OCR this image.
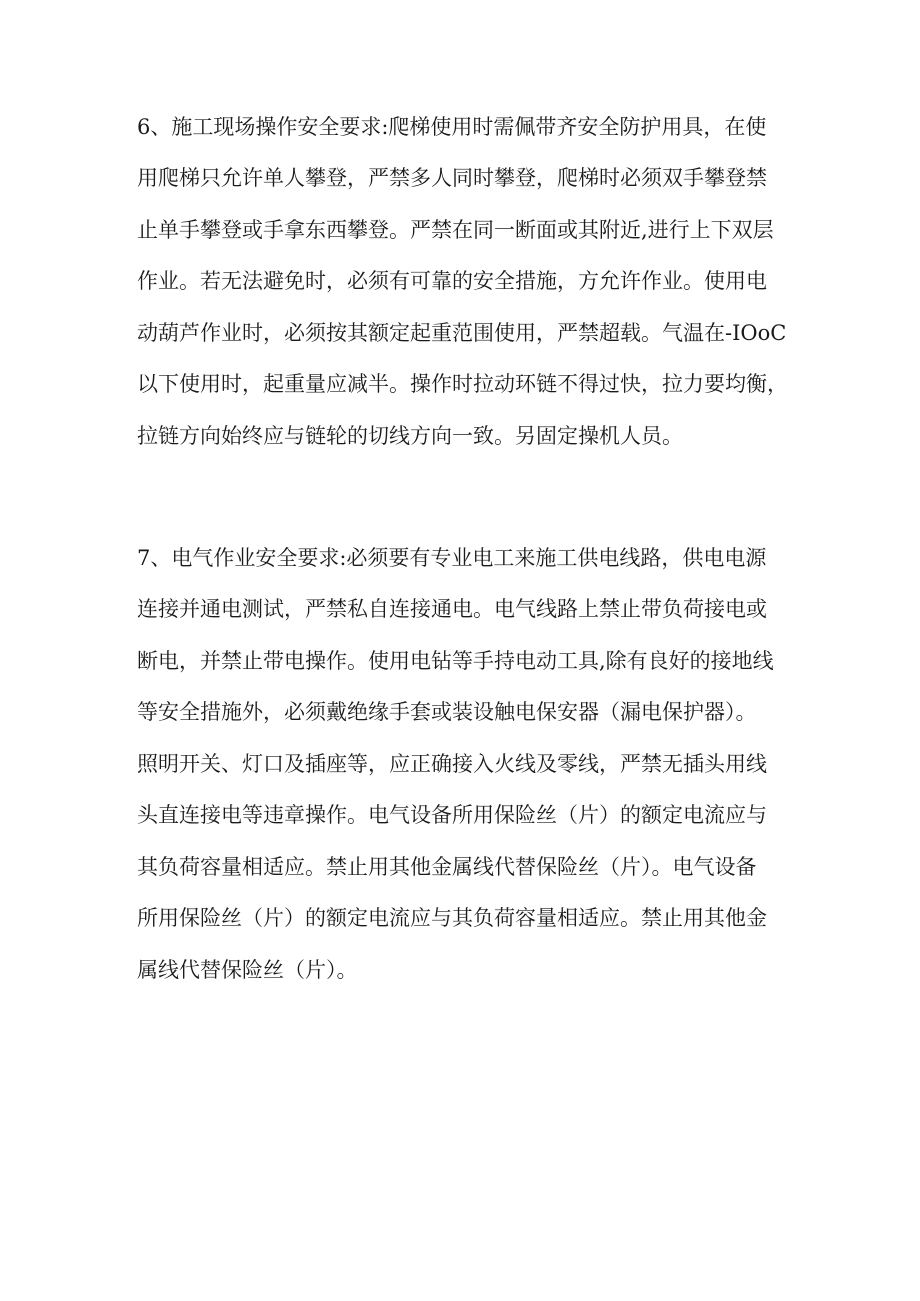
6、施工现场操作安全要求:爬梯使用时需佩带齐安全防护用具，在使

用爬梯只允许单人攀登，严禁多人同时攀登，爬梯时必须双手攀登禁

止单手攀登或手拿东西攀登。严禁在同一断面或其附近,进行上下双层

作业。若无法避免时，必须有可靠的安全措施，方允许作业。使用电

动葫芦作业时，必须按其额定起重范围使用，严禁超载。气温在-IOoC

以下使用时，起重量应减半。操作时拉动环链不得过快，拉力要均衡，

拉链方向始终应与链轮的切线方向一致。另固定操机人员。

7、电气作业安全要求:必须要有专业电工来施工供电线路，供电电源

连接并通电测试，严禁私自连接通电。电气线路上禁止带负荷接电或

断电，并禁止带电操作。使用电钻等手持电动工具,除有良好的接地线

等安全措施外，必须戴绝缘手套或装设触电保安器（漏电保护器）。

照明开关、灯口及插座等，应正确接入火线及零线，严禁无插头用线

头直连接电等违章操作。电气设备所用保险丝（片）的额定电流应与

其负荷容量相适应。禁止用其他金属线代替保险丝（片）。电气设备

所用保险丝（片）的额定电流应与其负荷容量相适应。禁止用其他金

属线代替保险丝（片）。
